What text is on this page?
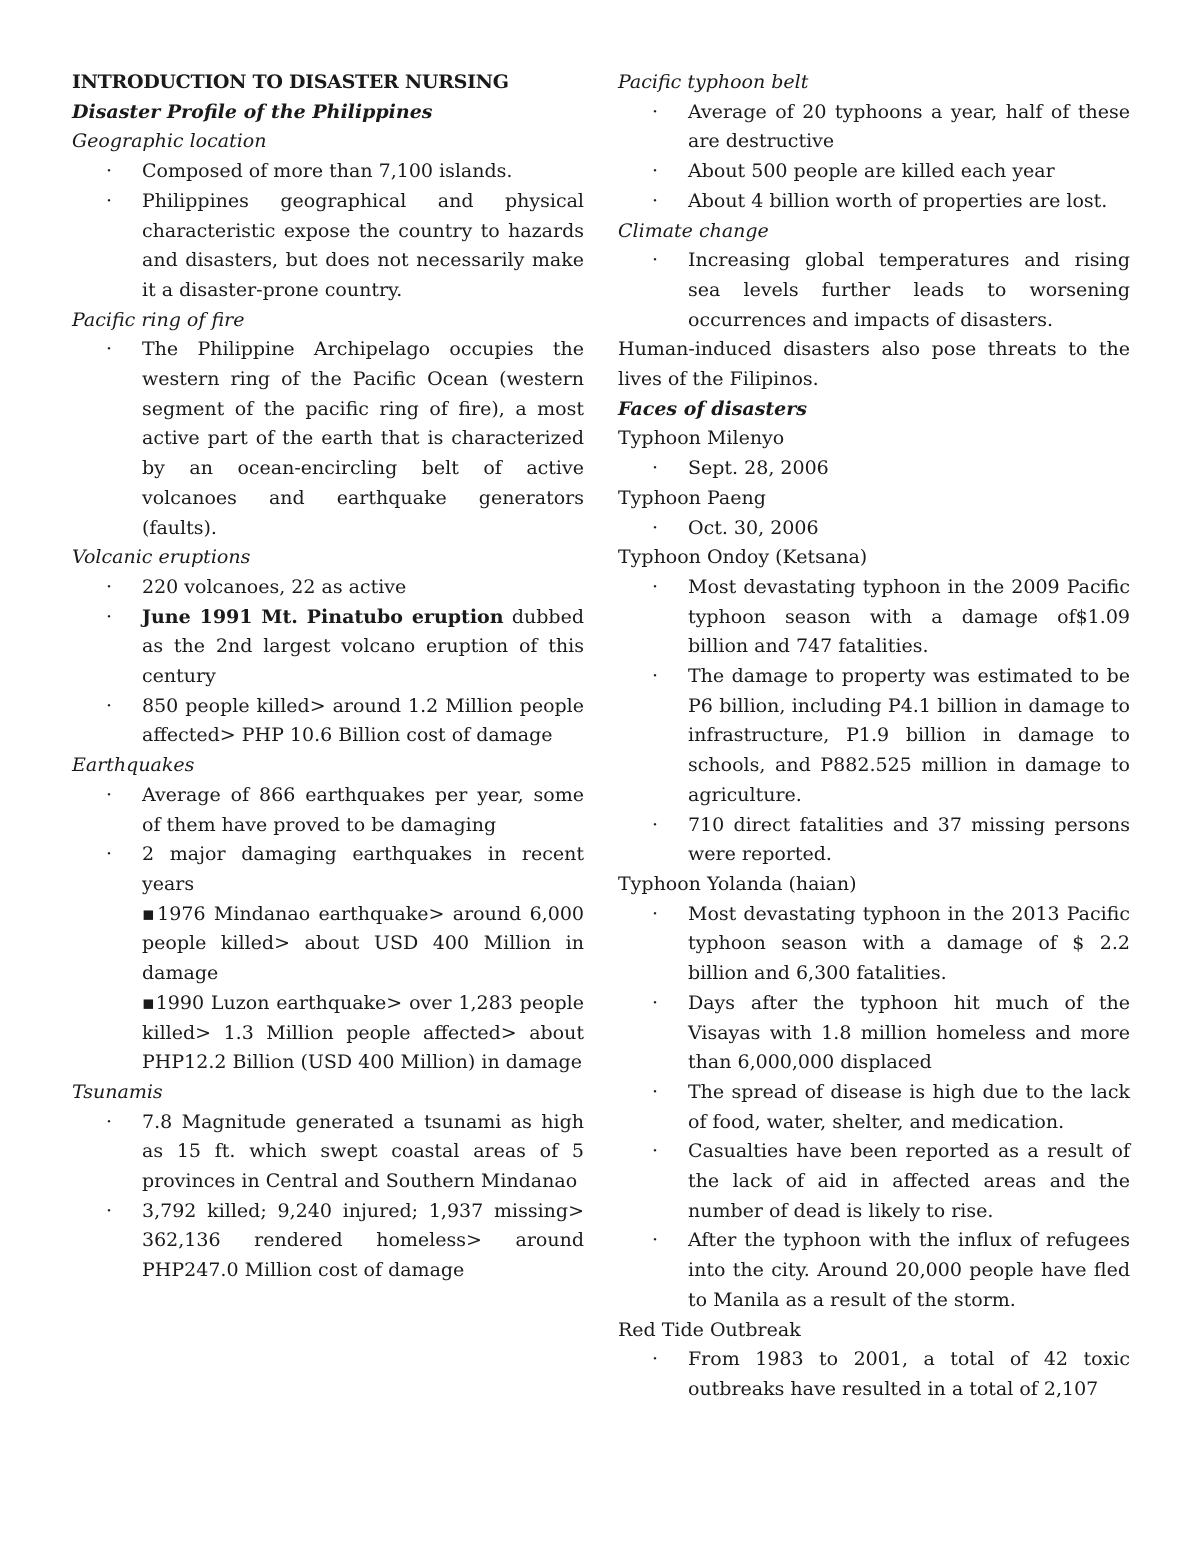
INTRODUCTION TO DISASTER NURSING
Disaster Profile of the Philippines
Geographic location
· Composed of more than 7,100 islands.
· Philippines geographical and physical characteristic expose the country to hazards and disasters, but does not necessarily make it a disaster-prone country.
Pacific ring of fire
· The Philippine Archipelago occupies the western ring of the Pacific Ocean (western segment of the pacific ring of fire), a most active part of the earth that is characterized by an ocean-encircling belt of active volcanoes and earthquake generators (faults).
Volcanic eruptions
· 220 volcanoes, 22 as active
· June 1991 Mt. Pinatubo eruption dubbed as the 2nd largest volcano eruption of this century
· 850 people killed> around 1.2 Million people affected> PHP 10.6 Billion cost of damage
Earthquakes
· Average of 866 earthquakes per year, some of them have proved to be damaging
· 2 major damaging earthquakes in recent years
▪1976 Mindanao earthquake> around 6,000 people killed> about USD 400 Million in damage
▪1990 Luzon earthquake> over 1,283 people killed> 1.3 Million people affected> about PHP12.2 Billion (USD 400 Million) in damage
Tsunamis
· 7.8 Magnitude generated a tsunami as high as 15 ft. which swept coastal areas of 5 provinces in Central and Southern Mindanao
· 3,792 killed; 9,240 injured; 1,937 missing> 362,136 rendered homeless> around PHP247.0 Million cost of damage
Pacific typhoon belt
· Average of 20 typhoons a year, half of these are destructive
· About 500 people are killed each year
· About 4 billion worth of properties are lost.
Climate change
· Increasing global temperatures and rising sea levels further leads to worsening occurrences and impacts of disasters.
Human-induced disasters also pose threats to the lives of the Filipinos.
Faces of disasters
Typhoon Milenyo
· Sept. 28, 2006
Typhoon Paeng
· Oct. 30, 2006
Typhoon Ondoy (Ketsana)
· Most devastating typhoon in the 2009 Pacific typhoon season with a damage of$1.09 billion and 747 fatalities.
· The damage to property was estimated to be P6 billion, including P4.1 billion in damage to infrastructure, P1.9 billion in damage to schools, and P882.525 million in damage to agriculture.
· 710 direct fatalities and 37 missing persons were reported.
Typhoon Yolanda (haian)
· Most devastating typhoon in the 2013 Pacific typhoon season with a damage of $ 2.2 billion and 6,300 fatalities.
· Days after the typhoon hit much of the Visayas with 1.8 million homeless and more than 6,000,000 displaced
· The spread of disease is high due to the lack of food, water, shelter, and medication.
· Casualties have been reported as a result of the lack of aid in affected areas and the number of dead is likely to rise.
· After the typhoon with the influx of refugees into the city. Around 20,000 people have fled to Manila as a result of the storm.
Red Tide Outbreak
· From 1983 to 2001, a total of 42 toxic outbreaks have resulted in a total of 2,107
